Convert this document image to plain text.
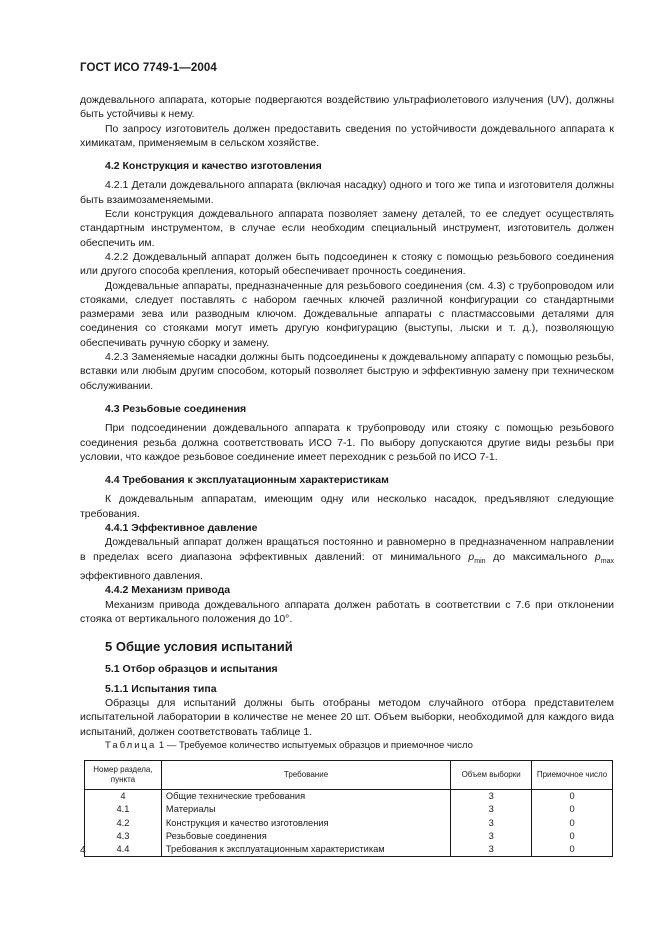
ГОСТ ИСО 7749-1—2004

дождевального аппарата, которые подвергаются воздействию ультрафиолетового излучения (UV), должны быть устойчивы к нему.

По запросу изготовитель должен предоставить сведения по устойчивости дождевального аппарата к химикатам, применяемым в сельском хозяйстве.

4.2 Конструкция и качество изготовления

4.2.1 Детали дождевального аппарата (включая насадку) одного и того же типа и изготовителя должны быть взаимозаменяемыми.

Если конструкция дождевального аппарата позволяет замену деталей, то ее следует осуществлять стандартным инструментом, в случае если необходим специальный инструмент, изготовитель должен обеспечить им.

4.2.2 Дождевальный аппарат должен быть подсоединен к стояку с помощью резьбового соединения или другого способа крепления, который обеспечивает прочность соединения.

Дождевальные аппараты, предназначенные для резьбового соединения (см. 4.3) с трубопроводом или стояками, следует поставлять с набором гаечных ключей различной конфигурации со стандартными размерами зева или разводным ключом. Дождевальные аппараты с пластмассовыми деталями для соединения со стояками могут иметь другую конфигурацию (выступы, лыски и т. д.), позволяющую обеспечивать ручную сборку и замену.

4.2.3 Заменяемые насадки должны быть подсоединены к дождевальному аппарату с помощью резьбы, вставки или любым другим способом, который позволяет быструю и эффективную замену при техническом обслуживании.

4.3 Резьбовые соединения

При подсоединении дождевального аппарата к трубопроводу или стояку с помощью резьбового соединения резьба должна соответствовать ИСО 7-1. По выбору допускаются другие виды резьбы при условии, что каждое резьбовое соединение имеет переходник с резьбой по ИСО 7-1.

4.4 Требования к эксплуатационным характеристикам

К дождевальным аппаратам, имеющим одну или несколько насадок, предъявляют следующие требования.

4.4.1 Эффективное давление

Дождевальный аппарат должен вращаться постоянно и равномерно в предназначенном направлении в пределах всего диапазона эффективных давлений: от минимального $p_{min}$ до максимального $p_{max}$ эффективного давления.

4.4.2 Механизм привода

Механизм привода дождевального аппарата должен работать в соответствии с 7.6 при отклонении стояка от вертикального положения до 10°.

5 Общие условия испытаний
5.1 Отбор образцов и испытания
5.1.1 Испытания типа

Образцы для испытаний должны быть отобраны методом случайного отбора представителем испытательной лаборатории в количестве не менее 20 шт. Объем выборки, необходимой для каждого вида испытаний, должен соответствовать таблице 1.

Таблица 1 — Требуемое количество испытуемых образцов и приемочное число

Номер раздела, пункта	Требование	Объем выборки	Приемочное число
4	Общие технические требования	3	0
4.1	Материалы	3	0
4.2	Конструкция и качество изготовления	3	0
4.3	Резьбовые соединения	3	0
4.4	Требования к эксплуатационным характеристикам	3	0
4
